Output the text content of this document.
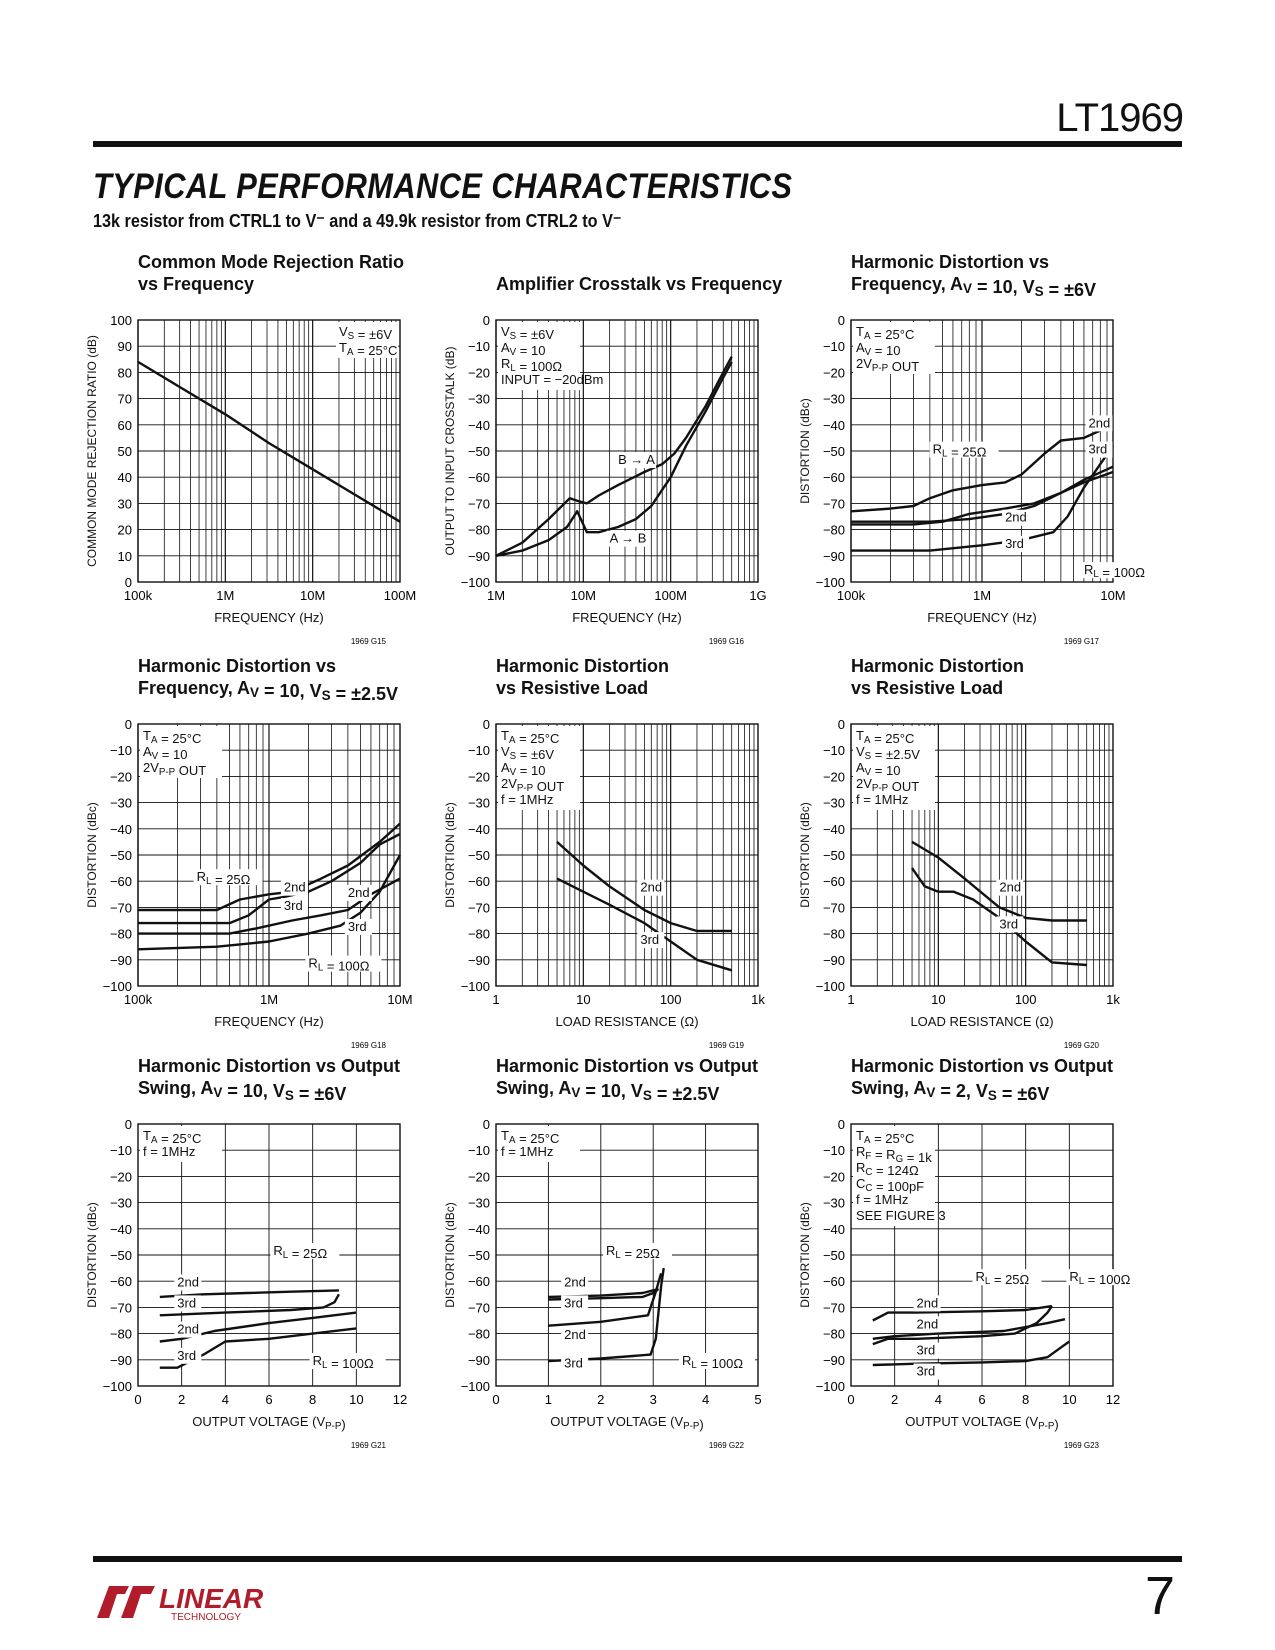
LT1969
TYPICAL PERFORMANCE CHARACTERISTICS
13k resistor from CTRL1 to V⁻ and a 49.9k resistor from CTRL2 to V⁻
Common Mode Rejection Ratio
vs Frequency
$V_S = \pm 6V$
$T_A = 25^\circ C$
0
10
20
30
40
50
60
70
80
90
100
100k	1M	10M	100M
FREQUENCY (Hz)
COMMON MODE REJECTION RATIO (dB)
1969 G15
Amplifier Crosstalk vs Frequency
$V_S = \pm 6V$
$A_V = 10$
$R_L = 100\Omega$
INPUT = −20dBm
−100
−90
−80
−70
−60
−50
−40
−30
−20
−10
0
1M	10M	100M	1G
FREQUENCY (Hz)
OUTPUT TO INPUT CROSSTALK (dB)
1969 G16
B → A
A → B
Harmonic Distortion vs
Frequency, AV = 10, VS = ±6V
$T_A = 25^\circ C$
$A_V = 10$
$2V_{P-P}$ OUT
−100
−90
−80
−70
−60
−50
−40
−30
−20
−10
0
100k	1M	10M
FREQUENCY (Hz)
DISTORTION (dBc)
1969 G17
2nd
3rd
$R_L = 25\Omega$
2nd
3rd
$R_L = 100\Omega$
Harmonic Distortion vs
Frequency, AV = 10, VS = ±2.5V
$T_A = 25^\circ C$
$A_V = 10$
$2V_{P-P}$ OUT
−100
−90
−80
−70
−60
−50
−40
−30
−20
−10
0
100k	1M	10M
FREQUENCY (Hz)
DISTORTION (dBc)
1969 G18
$R_L = 25\Omega$	2nd
3rd
2nd
3rd
$R_L = 100\Omega$
Harmonic Distortion
vs Resistive Load
$T_A = 25^\circ C$
$V_S = \pm 6V$
$A_V = 10$
$2V_{P-P}$ OUT
f = 1MHz
−100
−90
−80
−70
−60
−50
−40
−30
−20
−10
0
1	10	100	1k
LOAD RESISTANCE (Ω)
DISTORTION (dBc)
1969 G19
2nd
3rd
Harmonic Distortion
vs Resistive Load
$T_A = 25^\circ C$
$V_S = \pm 2.5V$
$A_V = 10$
$2V_{P-P}$ OUT
f = 1MHz
−100
−90
−80
−70
−60
−50
−40
−30
−20
−10
0
1	10	100	1k
LOAD RESISTANCE (Ω)
DISTORTION (dBc)
1969 G20
2nd
3rd
Harmonic Distortion vs Output
Swing, AV = 10, VS = ±6V
$T_A = 25^\circ C$
f = 1MHz
−100
−90
−80
−70
−60
−50
−40
−30
−20
−10
0
0	2	4	6	8	10 12
OUTPUT VOLTAGE $(V_{P-P})$
DISTORTION (dBc)
1969 G21
$R_L = 25\Omega$
2nd
3rd
2nd
3rd	$R_L = 100\Omega$
Harmonic Distortion vs Output
Swing, AV = 10, VS = ±2.5V
$T_A = 25^\circ C$
f = 1MHz
−100
−90
−80
−70
−60
−50
−40
−30
−20
−10
0
0	1	2	3	4	5
OUTPUT VOLTAGE $(V_{P-P})$
DISTORTION (dBc)
1969 G22
$R_L = 25\Omega$
2nd
3rd
2nd
3rd	$R_L = 100\Omega$
Harmonic Distortion vs Output
Swing, AV = 2, VS = ±6V
$T_A = 25^\circ C$
$R_F = R_G = 1k$
$R_C = 124\Omega$
$C_C = 100pF$
f = 1MHz
SEE FIGURE 3
−100
−90
−80
−70
−60
−50
−40
−30
−20
−10
0
0	2	4	6	8	10 12
OUTPUT VOLTAGE $(V_{P-P})$
DISTORTION (dBc)
1969 G23
$R_L = 25\Omega$	$R_L = 100\Omega$
2nd
2nd
3rd
3rd
LINEAR
TECHNOLOGY	7
